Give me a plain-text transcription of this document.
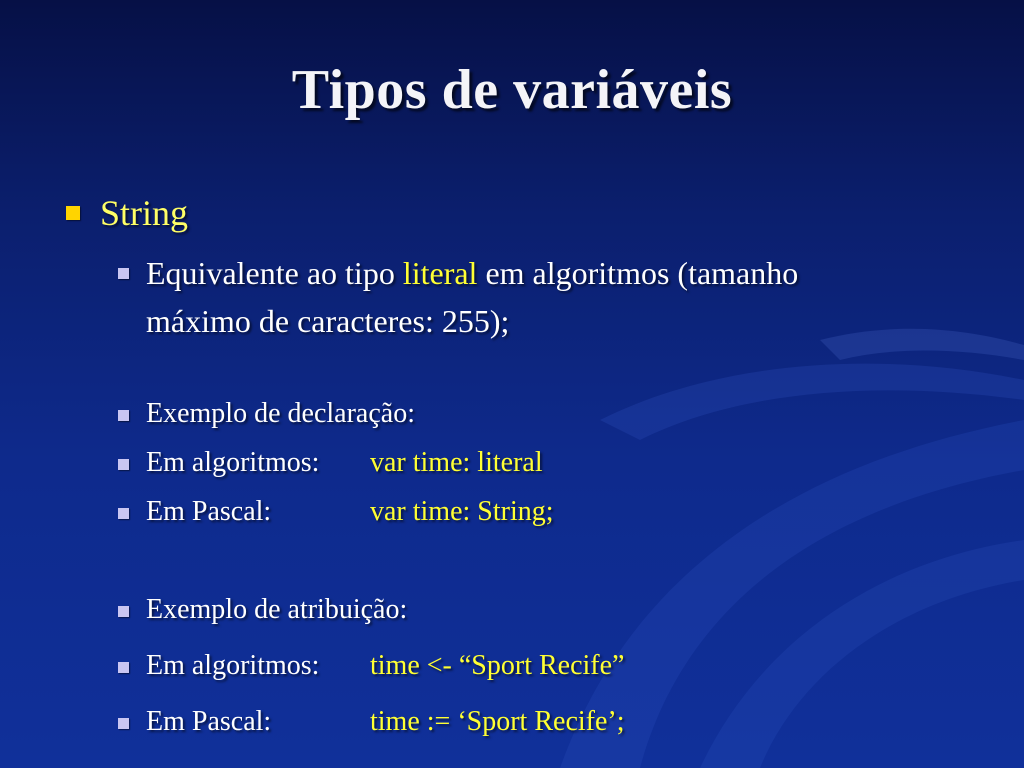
Tipos de variáveis
String
Equivalente ao tipo literal em algoritmos (tamanho
máximo de caracteres: 255);
Exemplo de declaração:
Em algoritmos: var time: literal
Em Pascal:	var time: String;
Exemplo de atribuição:
Em algoritmos: time <- “Sport Recife”
Em Pascal:	time := ‘Sport Recife’;
